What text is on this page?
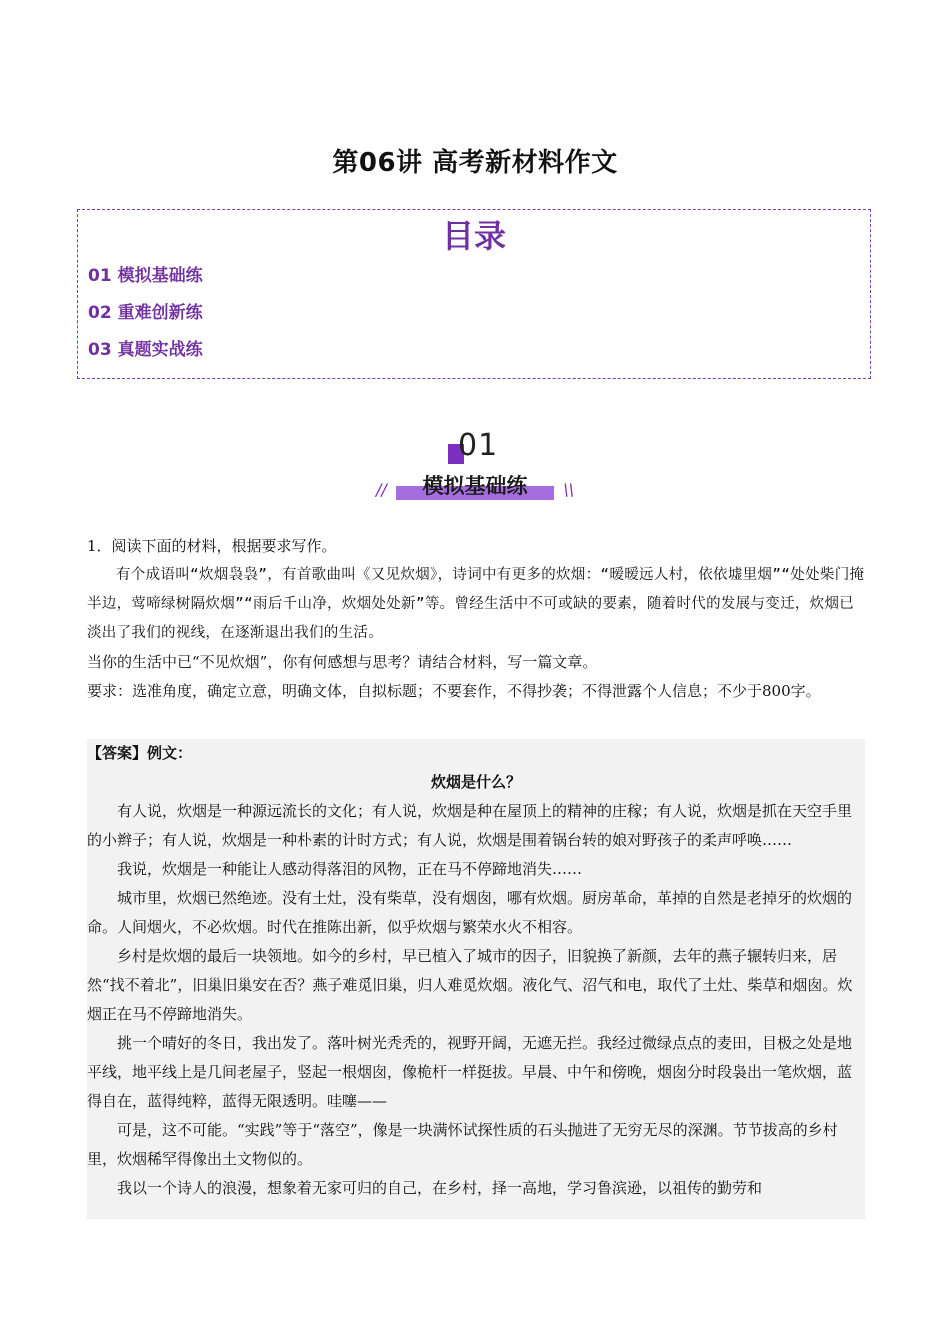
第06讲 高考新材料作文
目录
01 模拟基础练
02 重难创新练
03 真题实战练
01
//	模拟基础练	\\

1．阅读下面的材料，根据要求写作。

有个成语叫“炊烟袅袅”，有首歌曲叫《又见炊烟》，诗词中有更多的炊烟：“暧暧远人村，依依墟里烟”“处处柴门掩半边，莺啼绿树隔炊烟”“雨后千山净，炊烟处处新”等。曾经生活中不可或缺的要素，随着时代的发展与变迁，炊烟已淡出了我们的视线，在逐渐退出我们的生活。

当你的生活中已“不见炊烟”，你有何感想与思考？请结合材料，写一篇文章。

要求：选准角度，确定立意，明确文体，自拟标题；不要套作，不得抄袭；不得泄露个人信息；不少于800字。

【答案】例文：

炊烟是什么？

有人说，炊烟是一种源远流长的文化；有人说，炊烟是种在屋顶上的精神的庄稼；有人说，炊烟是抓在天空手里的小辫子；有人说，炊烟是一种朴素的计时方式；有人说，炊烟是围着锅台转的娘对野孩子的柔声呼唤……

我说，炊烟是一种能让人感动得落泪的风物，正在马不停蹄地消失……

城市里，炊烟已然绝迹。没有土灶，没有柴草，没有烟囱，哪有炊烟。厨房革命，革掉的自然是老掉牙的炊烟的命。人间烟火，不必炊烟。时代在推陈出新，似乎炊烟与繁荣水火不相容。

乡村是炊烟的最后一块领地。如今的乡村，早已植入了城市的因子，旧貌换了新颜，去年的燕子辗转归来，居然“找不着北”，旧巢旧巢安在否？燕子难觅旧巢，归人难觅炊烟。液化气、沼气和电，取代了土灶、柴草和烟囱。炊烟正在马不停蹄地消失。

挑一个晴好的冬日，我出发了。落叶树光秃秃的，视野开阔，无遮无拦。我经过微绿点点的麦田，目极之处是地平线，地平线上是几间老屋子，竖起一根烟囱，像桅杆一样挺拔。早晨、中午和傍晚，烟囱分时段袅出一笔炊烟，蓝得自在，蓝得纯粹，蓝得无限透明。哇噻——

可是，这不可能。“实践”等于“落空”，像是一块满怀试探性质的石头抛进了无穷无尽的深渊。节节拔高的乡村里，炊烟稀罕得像出土文物似的。

我以一个诗人的浪漫，想象着无家可归的自己，在乡村，择一高地，学习鲁滨逊，以祖传的勤劳和
